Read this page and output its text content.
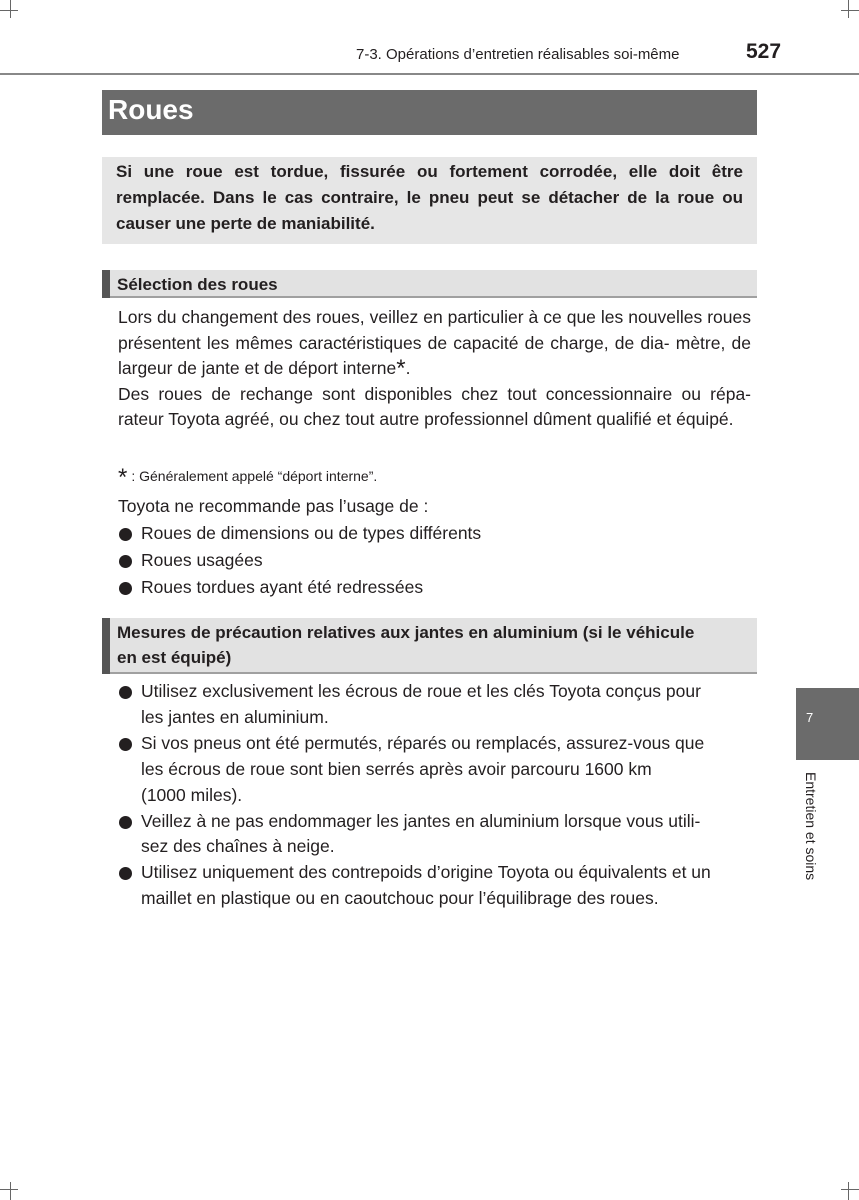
7-3. Opérations d’entretien réalisables soi-même	527
Roues

Si une roue est tordue, fissurée ou fortement corrodée, elle doit être remplacée. Dans le cas contraire, le pneu peut se détacher de la roue ou causer une perte de maniabilité.

Sélection des roues

Lors du changement des roues, veillez en particulier à ce que les nouvelles roues présentent les mêmes caractéristiques de capacité de charge, de dia- mètre, de largeur de jante et de déport interne*.

Des roues de rechange sont disponibles chez tout concessionnaire ou répa- rateur Toyota agréé, ou chez tout autre professionnel dûment qualifié et équipé.

* : Généralement appelé “déport interne”.
Toyota ne recommande pas l’usage de :
Roues de dimensions ou de types différents
Roues usagées
Roues tordues ayant été redressées
Mesures de précaution relatives aux jantes en aluminium (si le véhicule
en est équipé)
Utilisez exclusivement les écrous de roue et les clés Toyota conçus pour
les jantes en aluminium.
Si vos pneus ont été permutés, réparés ou remplacés, assurez-vous que
les écrous de roue sont bien serrés après avoir parcouru 1600 km
(1000 miles).
Veillez à ne pas endommager les jantes en aluminium lorsque vous utili-
sez des chaînes à neige.
Utilisez uniquement des contrepoids d’origine Toyota ou équivalents et un
maillet en plastique ou en caoutchouc pour l’équilibrage des roues.
7
Entretien et soins
